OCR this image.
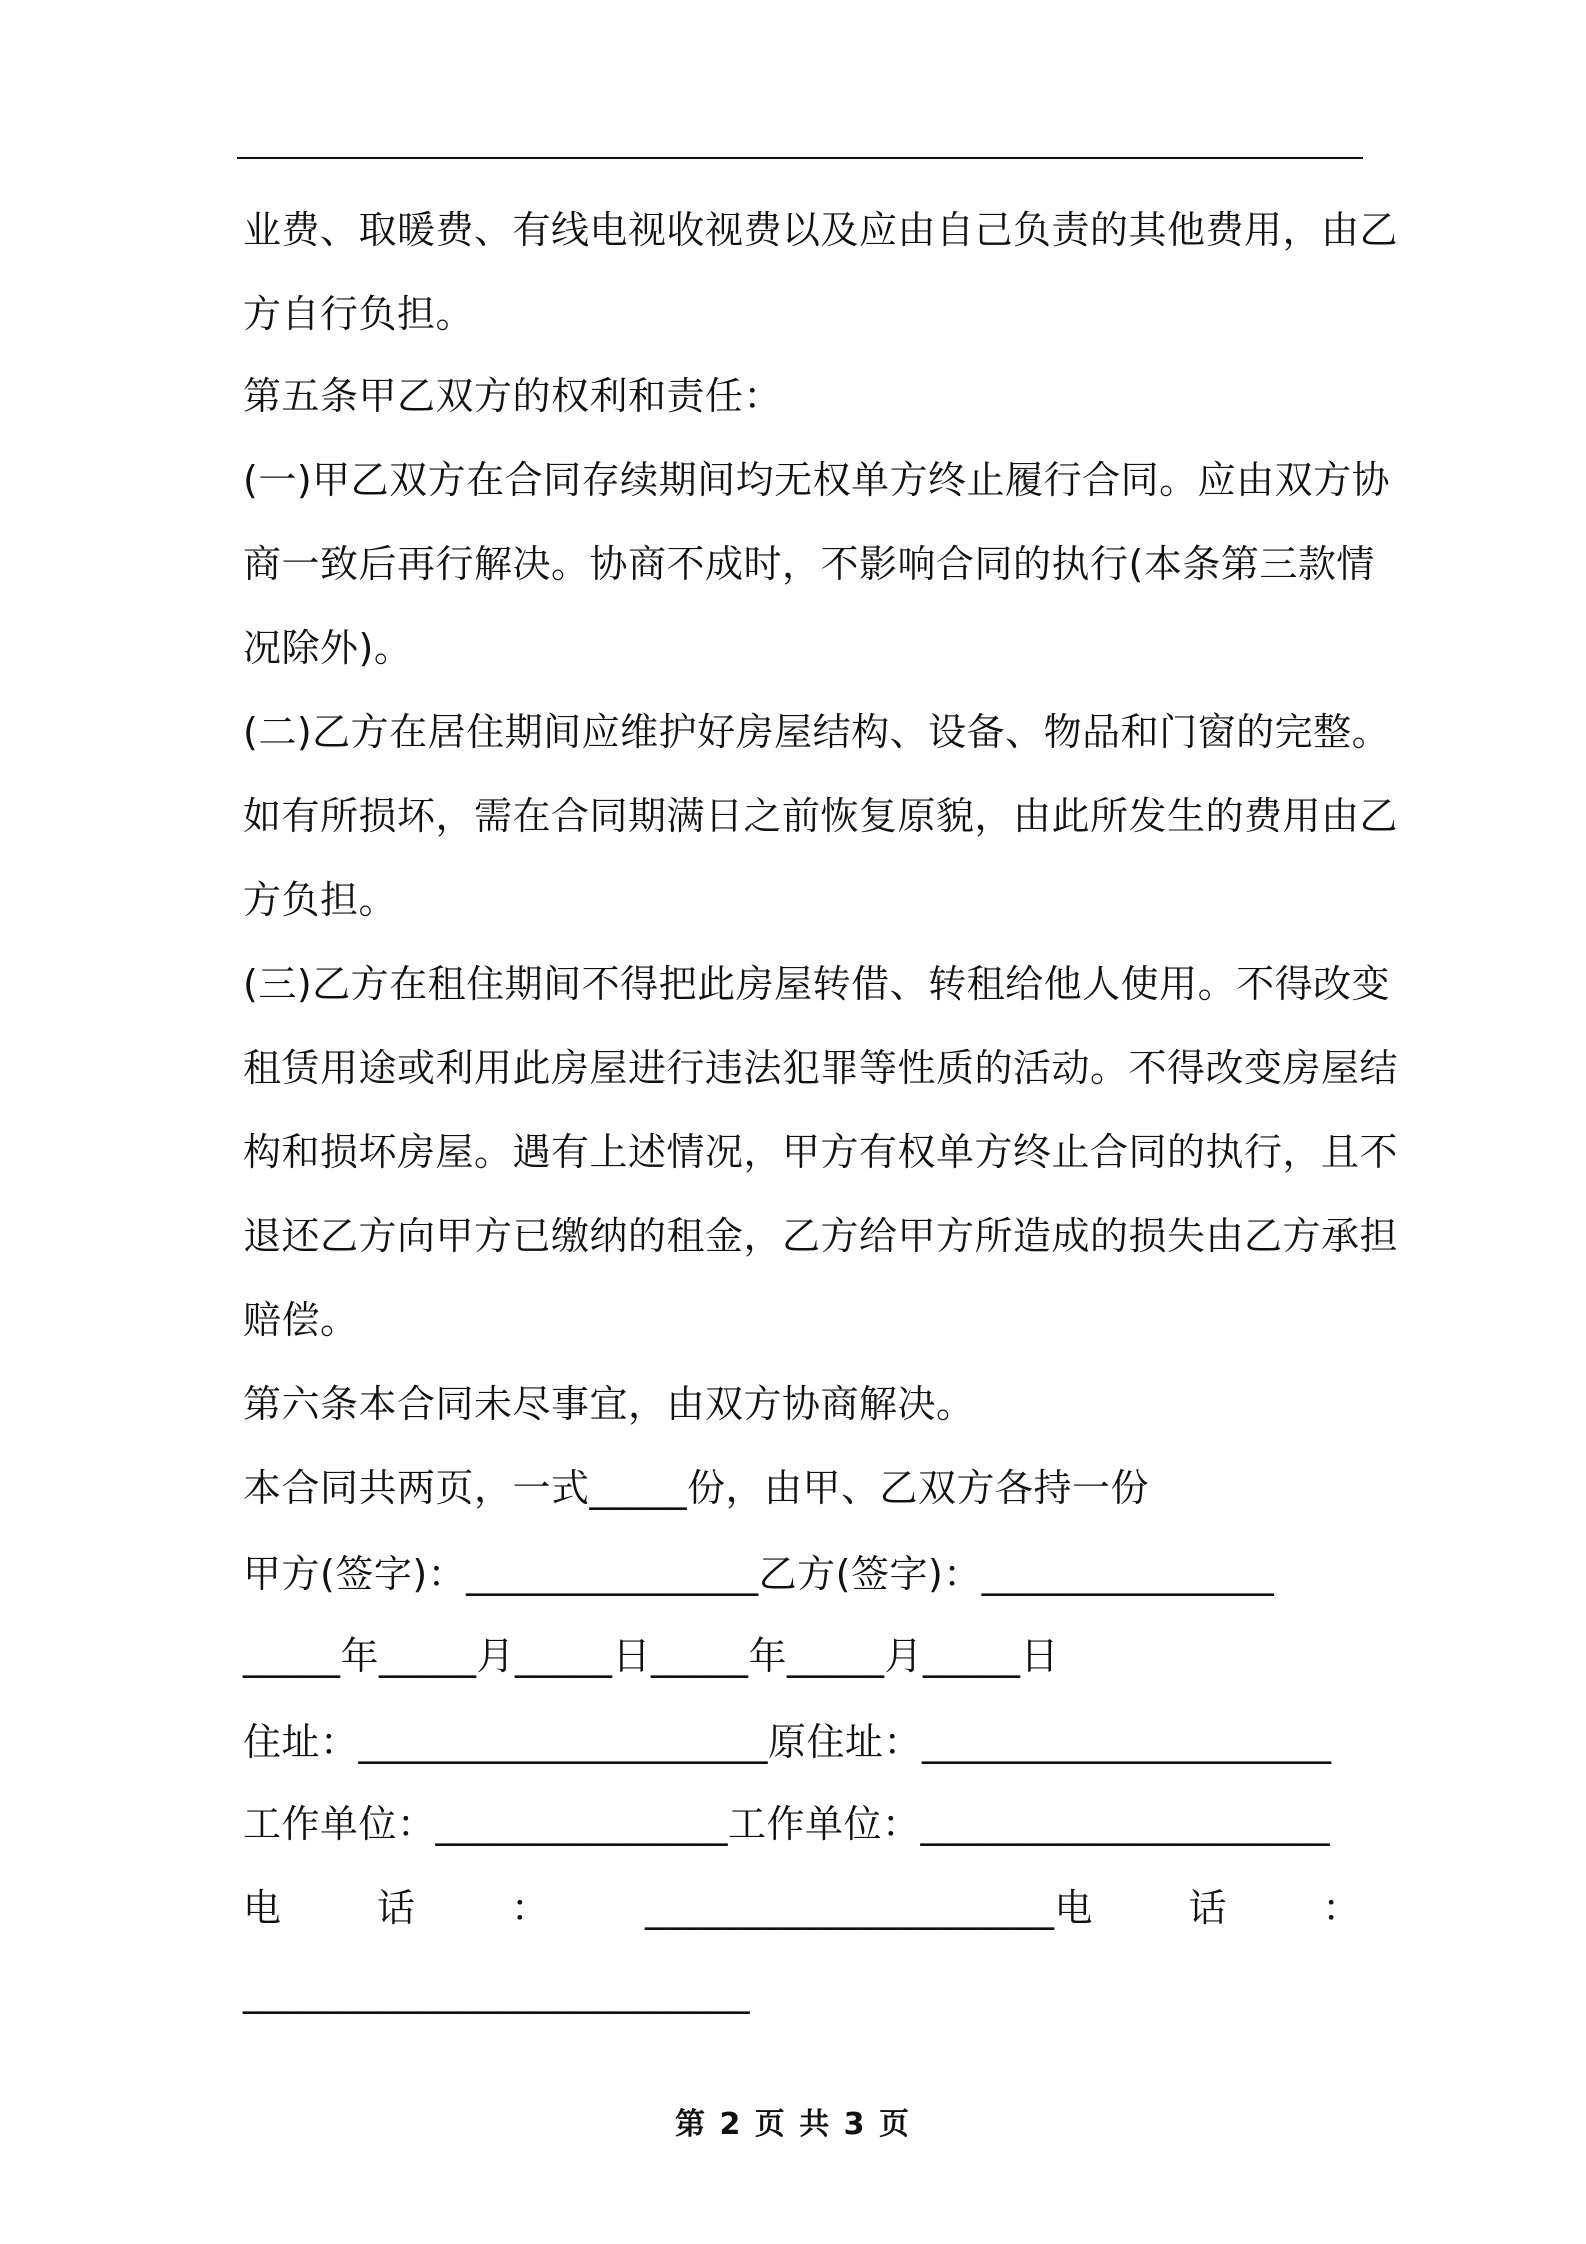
业费、取暖费、有线电视收视费以及应由自己负责的其他费用，由乙
方自行负担。
第五条甲乙双方的权利和责任：
(一)甲乙双方在合同存续期间均无权单方终止履行合同。应由双方协
商一致后再行解决。协商不成时，不影响合同的执行(本条第三款情
况除外)。
(二)乙方在居住期间应维护好房屋结构、设备、物品和门窗的完整。
如有所损坏，需在合同期满日之前恢复原貌，由此所发生的费用由乙
方负担。
(三)乙方在租住期间不得把此房屋转借、转租给他人使用。不得改变
租赁用途或利用此房屋进行违法犯罪等性质的活动。不得改变房屋结
构和损坏房屋。遇有上述情况，甲方有权单方终止合同的执行，且不
退还乙方向甲方已缴纳的租金，乙方给甲方所造成的损失由乙方承担
赔偿。
第六条本合同未尽事宜，由双方协商解决。
本合同共两页，一式_____份，由甲、乙双方各持一份
甲方(签字)：_______________乙方(签字)：_______________
_____年_____月_____日_____年_____月_____日
住址：_____________________原住址：_____________________
工作单位：_______________工作单位：_____________________
电	话	：	_____________________电	话	：
__________________________
第 2 页 共 3 页
